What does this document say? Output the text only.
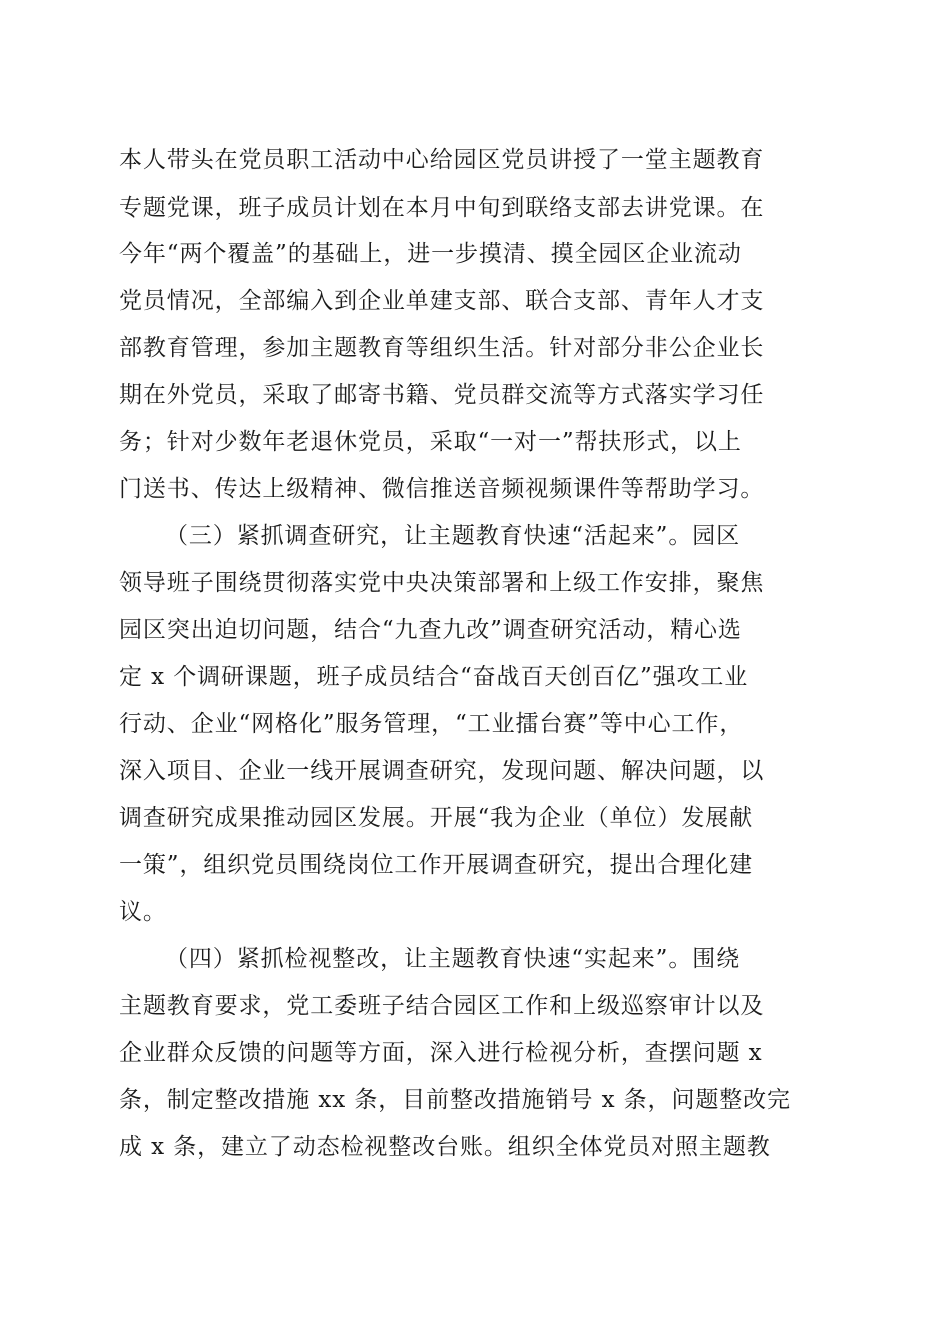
本人带头在党员职工活动中心给园区党员讲授了一堂主题教育
专题党课，班子成员计划在本月中旬到联络支部去讲党课。在
今年“两个覆盖”的基础上，进一步摸清、摸全园区企业流动
党员情况，全部编入到企业单建支部、联合支部、青年人才支
部教育管理，参加主题教育等组织生活。针对部分非公企业长
期在外党员，采取了邮寄书籍、党员群交流等方式落实学习任
务；针对少数年老退休党员，采取“一对一”帮扶形式，以上
门送书、传达上级精神、微信推送音频视频课件等帮助学习。
（三）紧抓调查研究，让主题教育快速“活起来”。园区
领导班子围绕贯彻落实党中央决策部署和上级工作安排，聚焦
园区突出迫切问题，结合“九查九改”调查研究活动，精心选
定 x 个调研课题，班子成员结合“奋战百天创百亿”强攻工业
行动、企业“网格化”服务管理，“工业擂台赛”等中心工作，
深入项目、企业一线开展调查研究，发现问题、解决问题，以
调查研究成果推动园区发展。开展“我为企业（单位）发展献
一策”，组织党员围绕岗位工作开展调查研究，提出合理化建
议。
（四）紧抓检视整改，让主题教育快速“实起来”。围绕
主题教育要求，党工委班子结合园区工作和上级巡察审计以及
企业群众反馈的问题等方面，深入进行检视分析，查摆问题 x
条，制定整改措施 xx 条，目前整改措施销号 x 条，问题整改完
成 x 条，建立了动态检视整改台账。组织全体党员对照主题教
